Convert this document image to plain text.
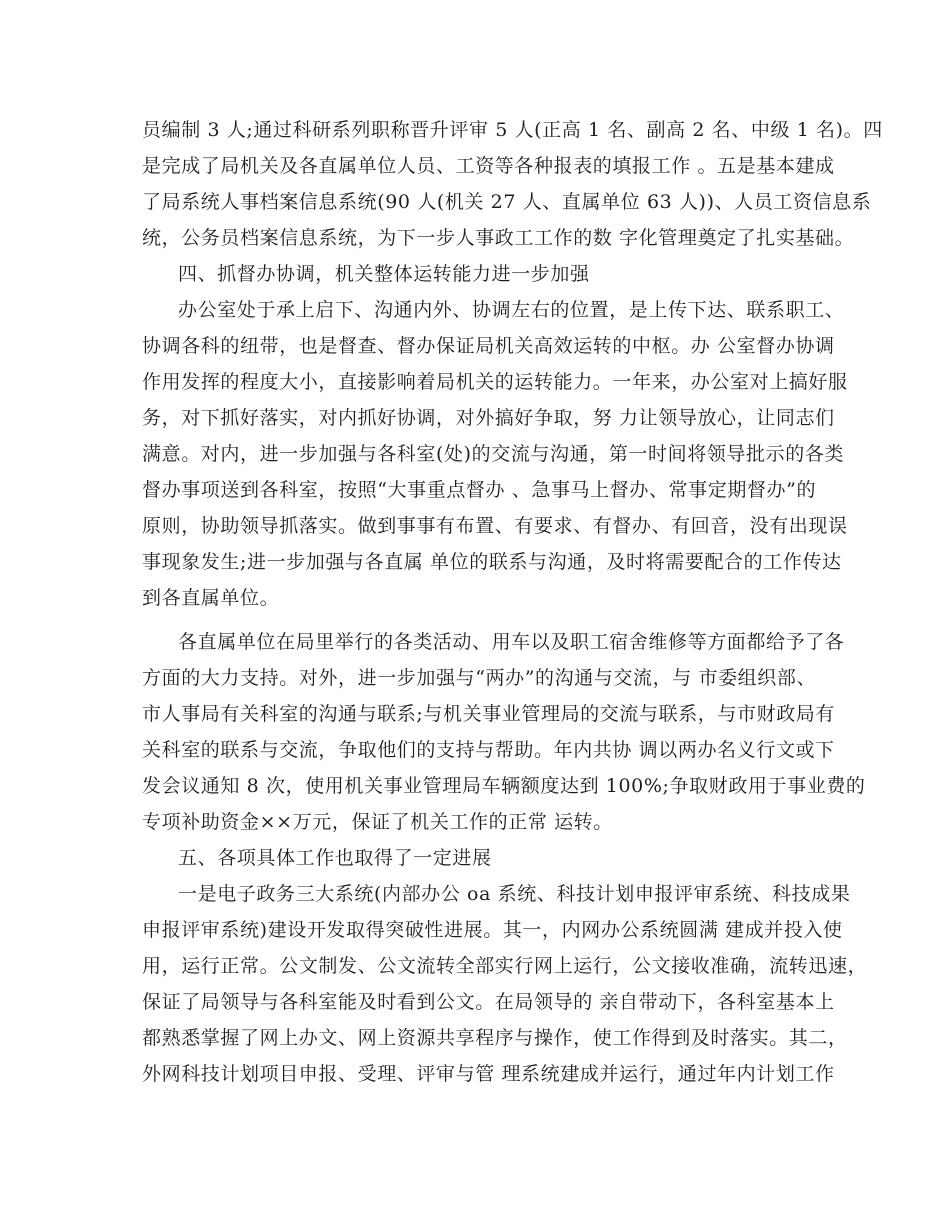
员编制 3 人;通过科研系列职称晋升评审 5 人(正高 1 名、副高 2 名、中级 1 名)。四
是完成了局机关及各直属单位人员、工资等各种报表的填报工作 。五是基本建成
了局系统人事档案信息系统(90 人(机关 27 人、直属单位 63 人))、人员工资信息系
统，公务员档案信息系统，为下一步人事政工工作的数 字化管理奠定了扎实基础。
四、抓督办协调，机关整体运转能力进一步加强
办公室处于承上启下、沟通内外、协调左右的位置，是上传下达、联系职工、
协调各科的纽带，也是督查、督办保证局机关高效运转的中枢。办 公室督办协调
作用发挥的程度大小，直接影响着局机关的运转能力。一年来，办公室对上搞好服
务，对下抓好落实，对内抓好协调，对外搞好争取，努 力让领导放心，让同志们
满意。对内，进一步加强与各科室(处)的交流与沟通，第一时间将领导批示的各类
督办事项送到各科室，按照“大事重点督办 、急事马上督办、常事定期督办”的
原则，协助领导抓落实。做到事事有布置、有要求、有督办、有回音，没有出现误
事现象发生;进一步加强与各直属 单位的联系与沟通，及时将需要配合的工作传达
到各直属单位。
各直属单位在局里举行的各类活动、用车以及职工宿舍维修等方面都给予了各
方面的大力支持。对外，进一步加强与“两办”的沟通与交流，与 市委组织部、
市人事局有关科室的沟通与联系;与机关事业管理局的交流与联系，与市财政局有
关科室的联系与交流，争取他们的支持与帮助。年内共协 调以两办名义行文或下
发会议通知 8 次，使用机关事业管理局车辆额度达到 100%;争取财政用于事业费的
专项补助资金××万元，保证了机关工作的正常 运转。
五、各项具体工作也取得了一定进展
一是电子政务三大系统(内部办公 oa 系统、科技计划申报评审系统、科技成果
申报评审系统)建设开发取得突破性进展。其一，内网办公系统圆满 建成并投入使
用，运行正常。公文制发、公文流转全部实行网上运行，公文接收准确，流转迅速，
保证了局领导与各科室能及时看到公文。在局领导的 亲自带动下，各科室基本上
都熟悉掌握了网上办文、网上资源共享程序与操作，使工作得到及时落实。其二，
外网科技计划项目申报、受理、评审与管 理系统建成并运行，通过年内计划工作
